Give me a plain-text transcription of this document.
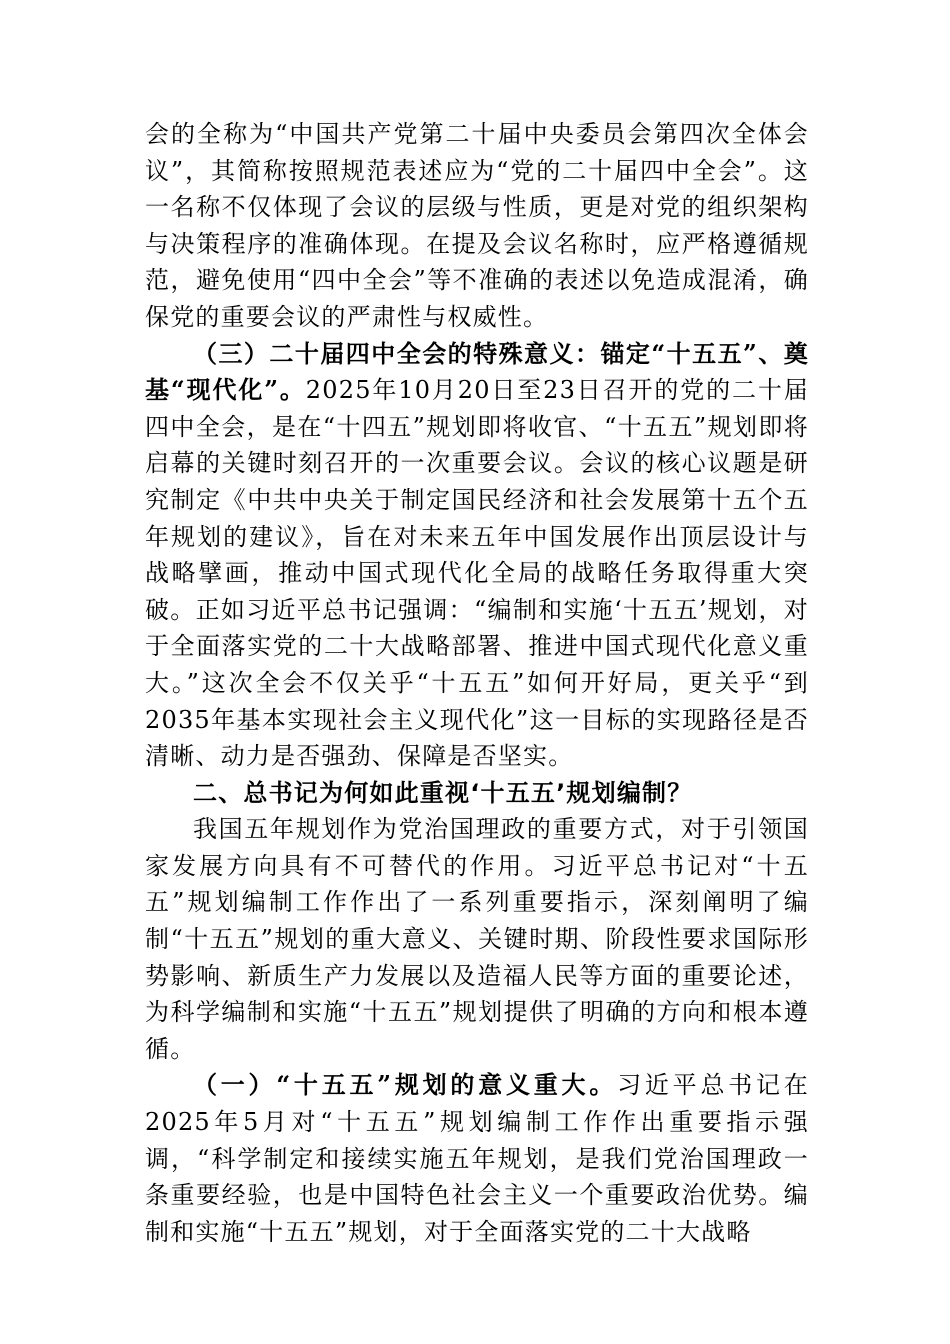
会的全称为“中国共产党第二十届中央委员会第四次全体会议”，其简称按照规范表述应为“党的二十届四中全会”。这一名称不仅体现了会议的层级与性质，更是对党的组织架构与决策程序的准确体现。在提及会议名称时，应严格遵循规范，避免使用“四中全会”等不准确的表述以免造成混淆，确保党的重要会议的严肃性与权威性。

（三）二十届四中全会的特殊意义：锚定“十五五”、奠基“现代化”。2025年10月20日至23日召开的党的二十届四中全会，是在“十四五”规划即将收官、“十五五”规划即将启幕的关键时刻召开的一次重要会议。会议的核心议题是研究制定《中共中央关于制定国民经济和社会发展第十五个五年规划的建议》，旨在对未来五年中国发展作出顶层设计与战略擘画，推动中国式现代化全局的战略任务取得重大突破。正如习近平总书记强调：“编制和实施‘十五五’规划，对于全面落实党的二十大战略部署、推进中国式现代化意义重大。”这次全会不仅关乎“十五五”如何开好局，更关乎“到2035年基本实现社会主义现代化”这一目标的实现路径是否清晰、动力是否强劲、保障是否坚实。

二、总书记为何如此重视‘十五五’规划编制？

我国五年规划作为党治国理政的重要方式，对于引领国家发展方向具有不可替代的作用。习近平总书记对“十五五”规划编制工作作出了一系列重要指示，深刻阐明了编制“十五五”规划的重大意义、关键时期、阶段性要求国际形势影响、新质生产力发展以及造福人民等方面的重要论述，为科学编制和实施“十五五”规划提供了明确的方向和根本遵循。

（一）“十五五”规划的意义重大。习近平总书记在2025年5月对“十五五”规划编制工作作出重要指示强调，“科学制定和接续实施五年规划，是我们党治国理政一条重要经验，也是中国特色社会主义一个重要政治优势。编制和实施“十五五”规划，对于全面落实党的二十大战略
